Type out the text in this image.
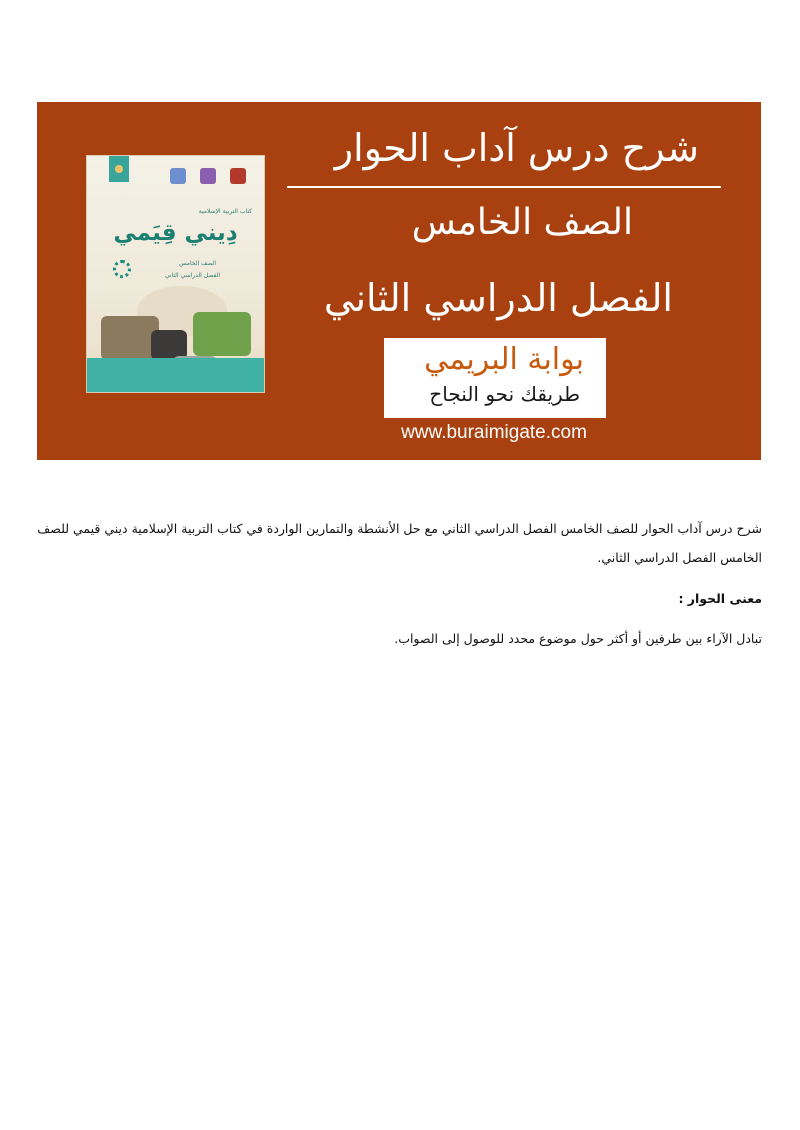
كتاب التربية الإسلامية
دِيني قِيَمي
الصف الخامس
الفصل الدراسي الثاني
شرح درس آداب الحوار
الصف الخامس
الفصل الدراسي الثاني
بوابة البريمي
طريقك نحو النجاح
www.buraimigate.com

شرح درس آداب الحوار للصف الخامس الفصل الدراسي الثاني مع حل الأنشطة والتمارين الواردة في كتاب التربية الإسلامية ديني قيمي للصف الخامس الفصل الدراسي الثاني.

معنى الحوار :

تبادل الآراء بين طرفين أو أكثر حول موضوع محدد للوصول إلى الصواب.
